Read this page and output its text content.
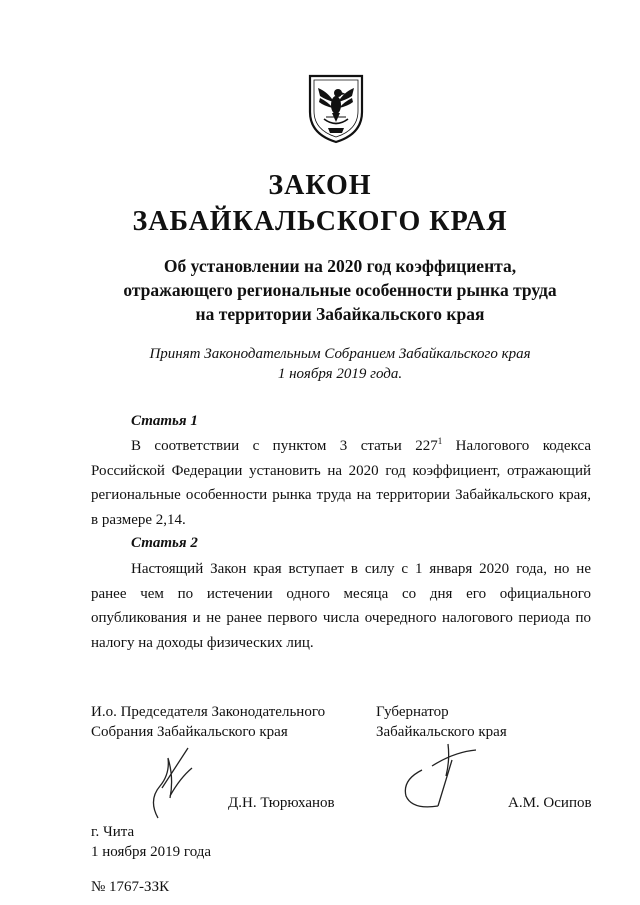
ЗАКОН
ЗАБАЙКАЛЬСКОГО КРАЯ
Об установлении на 2020 год коэффициента,
отражающего региональные особенности рынка труда
на территории Забайкальского края
Принят Законодательным Собранием Забайкальского края
1 ноября 2019 года.
Статья 1
В соответствии с пунктом 3 статьи $227^1$ Налогового кодекса Российской Федерации установить на 2020 год коэффициент, отражающий региональные особенности рынка труда на территории Забайкальского края, в размере 2,14.
Статья 2
Настоящий Закон края вступает в силу с 1 января 2020 года, но не ранее чем по истечении одного месяца со дня его официального опубликования и не ранее первого числа очередного налогового периода по налогу на доходы физических лиц.
И.о. Председателя Законодательного
Собрания Забайкальского края
Губернатор
Забайкальского края
Д.Н. Тюрюханов	А.М. Осипов
г. Чита
1 ноября 2019 года
№ 1767-ЗЗК
